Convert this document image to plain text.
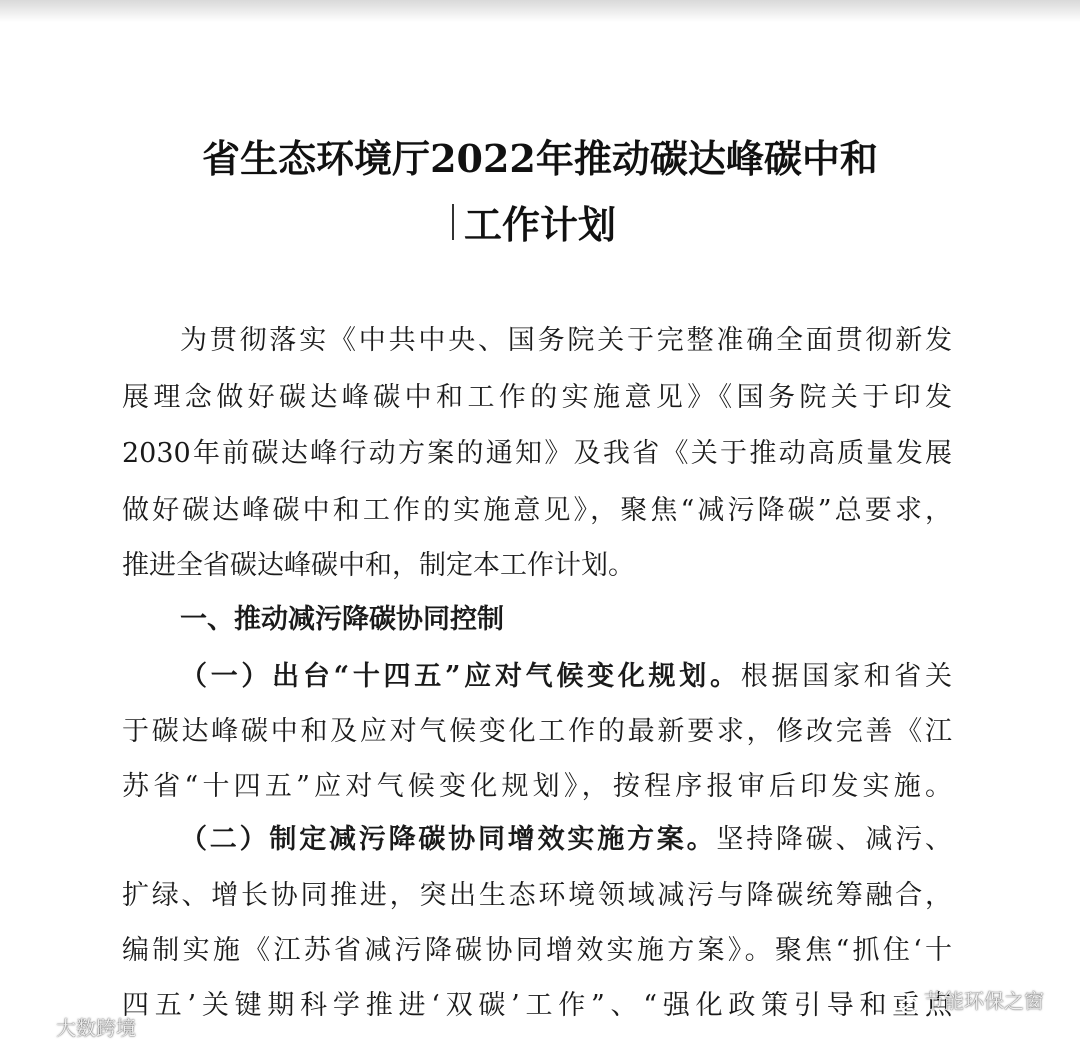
省生态环境厅2022年推动碳达峰碳中和
工作计划
为贯彻落实《中共中央、国务院关于完整准确全面贯彻新发
展理念做好碳达峰碳中和工作的实施意见》《国务院关于印发
2030年前碳达峰行动方案的通知》及我省《关于推动高质量发展
做好碳达峰碳中和工作的实施意见》，聚焦“减污降碳”总要求，
推进全省碳达峰碳中和，制定本工作计划。
一、推动减污降碳协同控制
（一）出台“十四五”应对气候变化规划。根据国家和省关
于碳达峰碳中和及应对气候变化工作的最新要求，修改完善《江
苏省“十四五”应对气候变化规划》，按程序报审后印发实施。
（二）制定减污降碳协同增效实施方案。坚持降碳、减污、
扩绿、增长协同推进，突出生态环境领域减污与降碳统筹融合，
编制实施《江苏省减污降碳协同增效实施方案》。聚焦“抓住‘十
四五’关键期科学推进‘双碳’工作”、“强化政策引导和重点
大数跨境
节能环保之窗
